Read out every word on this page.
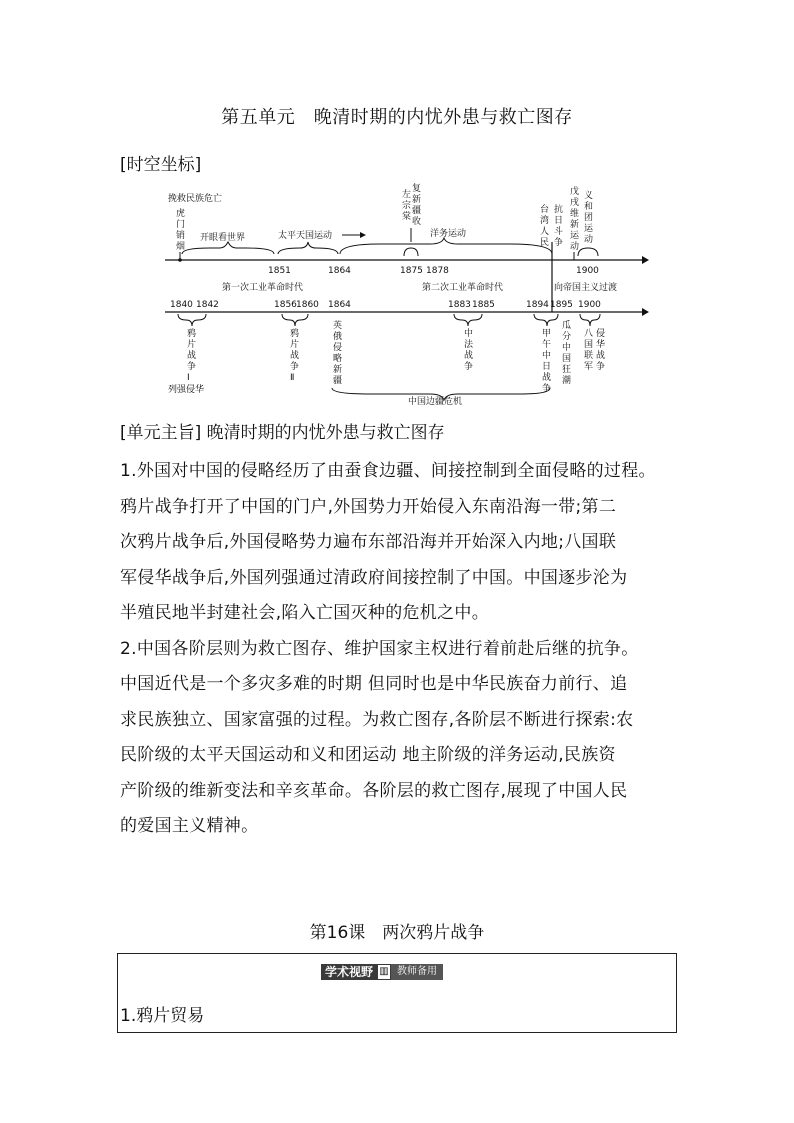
第五单元　晚清时期的内忧外患与救亡图存
[时空坐标]
挽救民族危亡
虎
门
销
烟
开眼看世界	太平天国运动
1851	1864
复
新
疆
左
宗
棠 收
1875 1878
洋务运动
台
湾
人
民
抗
日
斗
争
戊
戌
维
新
运
动
义
和
团
运
动
1900
第一次工业革命时代	第二次工业革命时代	向帝国主义过渡
1840 1842	1856 1860 1864	1883 1885	1894 1895 1900
鸦
片
战
争
Ⅰ
鸦
片
战
争
Ⅱ
英
俄
侵
略
新
疆
中
法
战
争
甲
午
中
日
战
争
瓜
分
中
国
狂
潮
八
国
联
军
侵
华
战
争
列强侵华
中国边疆危机
[单元主旨] 晚清时期的内忧外患与救亡图存
1.外国对中国的侵略经历了由蚕食边疆、间接控制到全面侵略的过程。
鸦片战争打开了中国的门户,外国势力开始侵入东南沿海一带;第二
次鸦片战争后,外国侵略势力遍布东部沿海并开始深入内地;八国联
军侵华战争后,外国列强通过清政府间接控制了中国。中国逐步沦为
半殖民地半封建社会,陷入亡国灭种的危机之中。
2.中国各阶层则为救亡图存、维护国家主权进行着前赴后继的抗争。
中国近代是一个多灾多难的时期 但同时也是中华民族奋力前行、追
求民族独立、国家富强的过程。为救亡图存,各阶层不断进行探索:农
民阶级的太平天国运动和义和团运动 地主阶级的洋务运动,民族资
产阶级的维新变法和辛亥革命。各阶层的救亡图存,展现了中国人民
的爱国主义精神。
第16课　两次鸦片战争
学术视野 ▥ 教师备用
1.鸦片贸易
